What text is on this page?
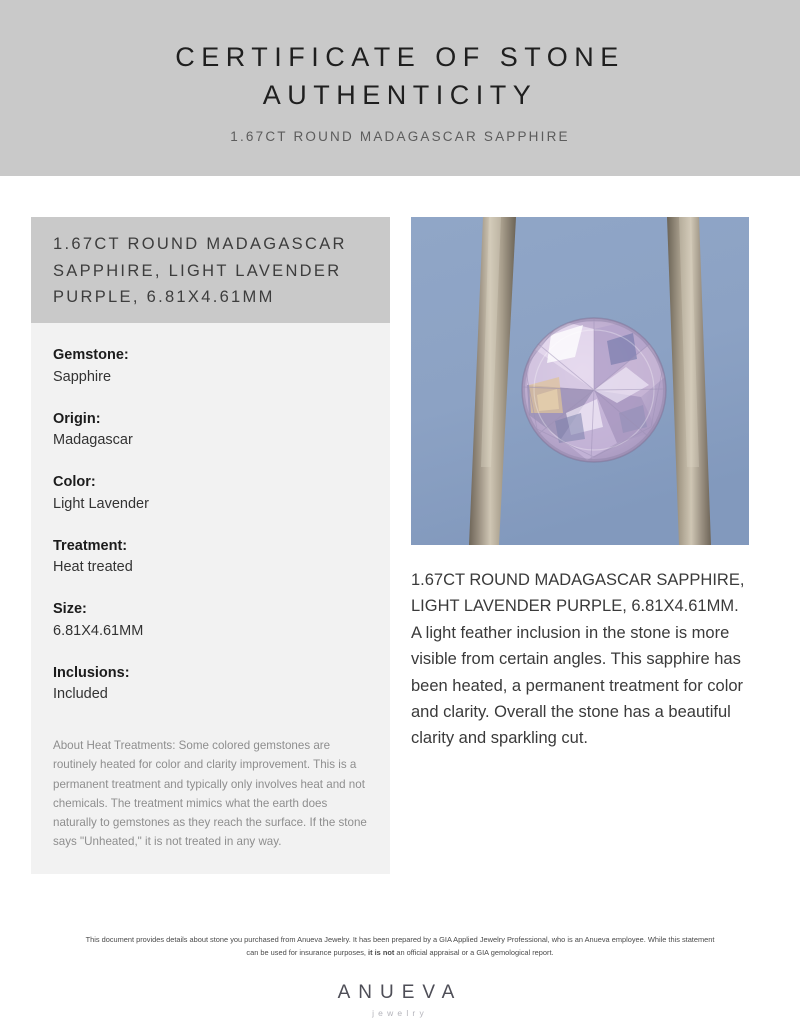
CERTIFICATE OF STONE AUTHENTICITY
1.67CT ROUND MADAGASCAR SAPPHIRE
1.67CT ROUND MADAGASCAR SAPPHIRE, LIGHT LAVENDER PURPLE, 6.81X4.61MM
Gemstone:
Sapphire
Origin:
Madagascar
Color:
Light Lavender
Treatment:
Heat treated
Size:
6.81X4.61MM
Inclusions:
Included
About Heat Treatments: Some colored gemstones are routinely heated for color and clarity improvement. This is a permanent treatment and typically only involves heat and not chemicals. The treatment mimics what the earth does naturally to gemstones as they reach the surface. If the stone says "Unheated," it is not treated in any way.
1.67CT ROUND MADAGASCAR SAPPHIRE, LIGHT LAVENDER PURPLE, 6.81X4.61MM. A light feather inclusion in the stone is more visible from certain angles. This sapphire has been heated, a permanent treatment for color and clarity. Overall the stone has a beautiful clarity and sparkling cut.
This document provides details about stone you purchased from Anueva Jewelry. It has been prepared by a GIA Applied Jewelry Professional, who is an Anueva employee. While this statement can be used for insurance purposes, it is not an official appraisal or a GIA gemological report.
ANUEVA
jewelry
